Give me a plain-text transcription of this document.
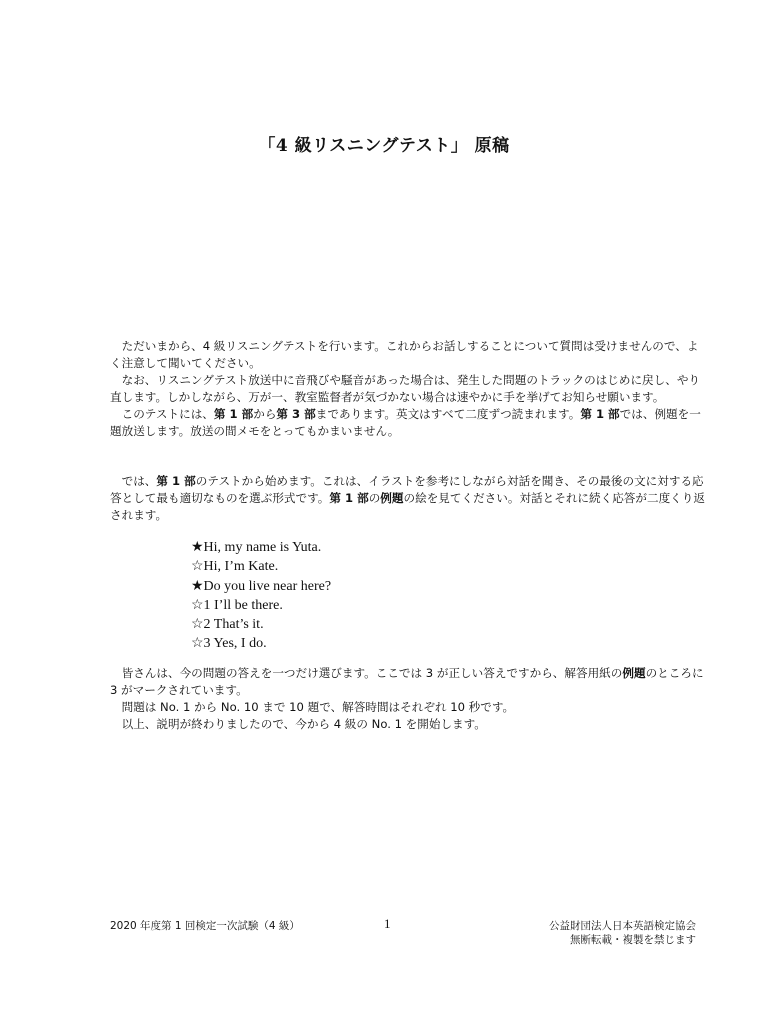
「4 級リスニングテスト」 原稿

ただいまから、4 級リスニングテストを行います。これからお話しすることについて質問は受けませんので、よく注意して聞いてください。

なお、リスニングテスト放送中に音飛びや騒音があった場合は、発生した問題のトラックのはじめに戻し、やり直します。しかしながら、万が一、教室監督者が気づかない場合は速やかに手を挙げてお知らせ願います。

このテストには、第 1 部から第 3 部まであります。英文はすべて二度ずつ読まれます。第 1 部では、例題を一題放送します。放送の間メモをとってもかまいません。

では、第 1 部のテストから始めます。これは、イラストを参考にしながら対話を聞き、その最後の文に対する応答として最も適切なものを選ぶ形式です。第 1 部の例題の絵を見てください。対話とそれに続く応答が二度くり返されます。

★Hi, my name is Yuta.
☆Hi, I’m Kate.
★Do you live near here?
☆1 I’ll be there.
☆2 That’s it.
☆3 Yes, I do.

皆さんは、今の問題の答えを一つだけ選びます。ここでは 3 が正しい答えですから、解答用紙の例題のところに 3 がマークされています。

問題は No. 1 から No. 10 まで 10 題で、解答時間はそれぞれ 10 秒です。

以上、説明が終わりましたので、今から 4 級の No. 1 を開始します。

2020 年度第 1 回検定一次試験（4 級）	1	公益財団法人日本英語検定協会
無断転載・複製を禁じます
